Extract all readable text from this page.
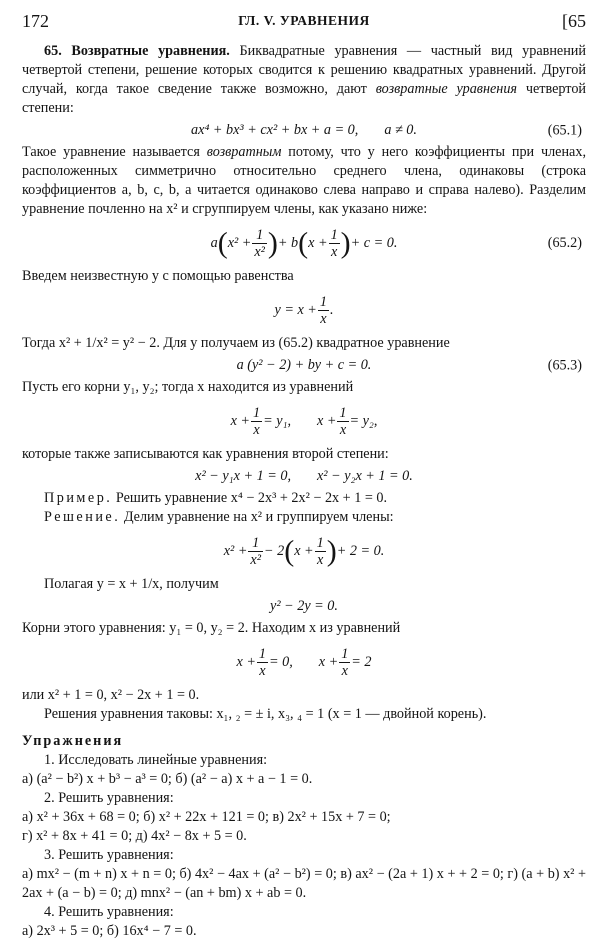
172	ГЛ. V. УРАВНЕНИЯ	[65

65. Возвратные уравнения. Биквадратные уравнения — частный вид уравнений четвертой степени, решение которых сводится к решению квадратных уравнений. Другой случай, когда такое сведение также возможно, дают возвратные уравнения четвертой степени:

ax⁴ + bx³ + cx² + bx + a = 0, a ≠ 0.	(65.1)

Такое уравнение называется возвратным потому, что у него коэффициенты при членах, расположенных симметрично относительно среднего члена, одинаковы (строка коэффициентов a, b, c, b, a читается одинаково слева направо и справа налево). Разделим уравнение почленно на x² и сгруппируем члены, как указано ниже:

$a(x^2 + \frac{1}{\text{x²}}$ )+ $b(x + \frac{1}{x}$ )+ c = 0.	(65.2)

Введем неизвестную y с помощью равенства

$y = x + \frac{1}{x}$ .

Тогда x² + 1/x² = y² − 2. Для y получаем из (65.2) квадратное уравнение

a (y² − 2) + by + c = 0.	(65.3)

Пусть его корни y₁, y₂; тогда x находится из уравнений

$x + \frac{1}{x} = y_1$, $x + \frac{1}{x} = y_2$,

которые также записываются как уравнения второй степени:

x² − y₁x + 1 = 0, x² − y₂x + 1 = 0.

Пример. Решить уравнение x⁴ − 2x³ + 2x² − 2x + 1 = 0.

Решение. Делим уравнение на x² и группируем члены:

$x^2 + \frac{1}{\text{x²}} - 2(x + \frac{1}{x}$ )+ 2 = 0.

Полагая y = x + 1/x, получим

y² − 2y = 0.

Корни этого уравнения: y₁ = 0, y₂ = 2. Находим x из уравнений

$x + \frac{1}{x} = 0$, $x + \frac{1}{x} = 2$

или x² + 1 = 0, x² − 2x + 1 = 0.

Решения уравнения таковы: x₁, ₂ = ± i, x₃, ₄ = 1 (x = 1 — двойной корень).

Упражнения

1. Исследовать линейные уравнения:

а) (a² − b²) x + b³ − a³ = 0; б) (a² − a) x + a − 1 = 0.

2. Решить уравнения:

а) x² + 36x + 68 = 0; б) x² + 22x + 121 = 0; в) 2x² + 15x + 7 = 0;

г) x² + 8x + 41 = 0; д) 4x² − 8x + 5 = 0.

3. Решить уравнения:

а) mx² − (m + n) x + n = 0; б) 4x² − 4ax + (a² − b²) = 0; в) ax² − (2a + 1) x + + 2 = 0; г) (a + b) x² + 2ax + (a − b) = 0; д) mnx² − (an + bm) x + ab = 0.

4. Решить уравнения:

а) 2x³ + 5 = 0; б) 16x⁴ − 7 = 0.
